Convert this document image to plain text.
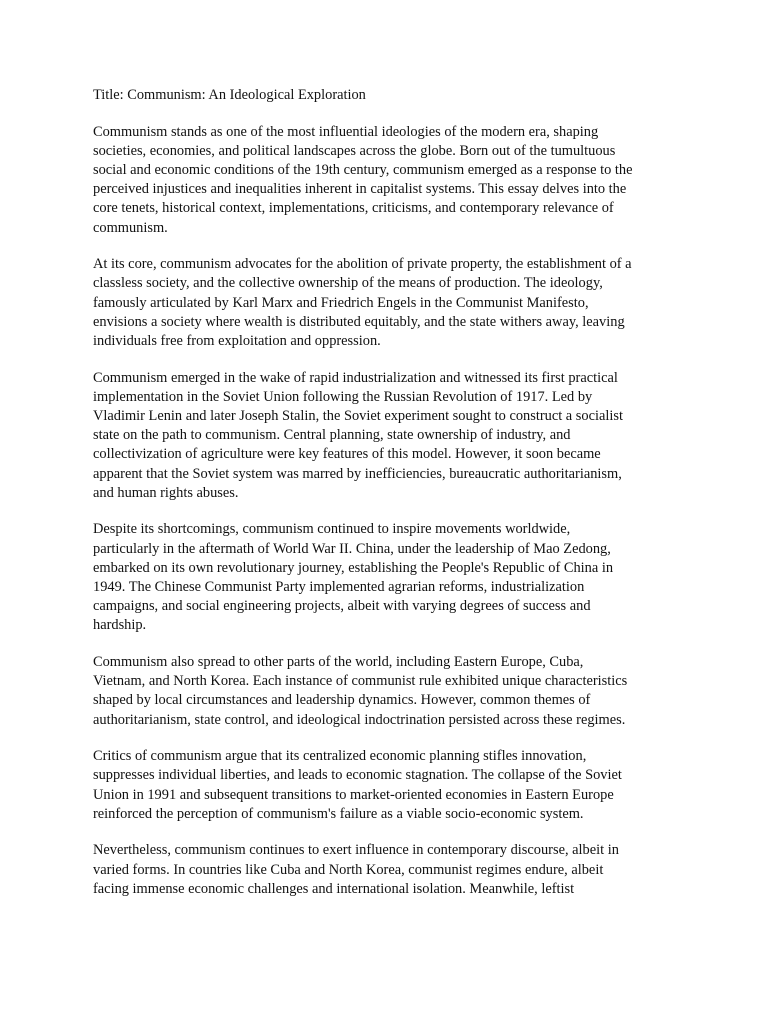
Title: Communism: An Ideological Exploration
Communism stands as one of the most influential ideologies of the modern era, shaping
societies, economies, and political landscapes across the globe. Born out of the tumultuous
social and economic conditions of the 19th century, communism emerged as a response to the
perceived injustices and inequalities inherent in capitalist systems. This essay delves into the
core tenets, historical context, implementations, criticisms, and contemporary relevance of
communism.
At its core, communism advocates for the abolition of private property, the establishment of a
classless society, and the collective ownership of the means of production. The ideology,
famously articulated by Karl Marx and Friedrich Engels in the Communist Manifesto,
envisions a society where wealth is distributed equitably, and the state withers away, leaving
individuals free from exploitation and oppression.
Communism emerged in the wake of rapid industrialization and witnessed its first practical
implementation in the Soviet Union following the Russian Revolution of 1917. Led by
Vladimir Lenin and later Joseph Stalin, the Soviet experiment sought to construct a socialist
state on the path to communism. Central planning, state ownership of industry, and
collectivization of agriculture were key features of this model. However, it soon became
apparent that the Soviet system was marred by inefficiencies, bureaucratic authoritarianism,
and human rights abuses.
Despite its shortcomings, communism continued to inspire movements worldwide,
particularly in the aftermath of World War II. China, under the leadership of Mao Zedong,
embarked on its own revolutionary journey, establishing the People's Republic of China in
1949. The Chinese Communist Party implemented agrarian reforms, industrialization
campaigns, and social engineering projects, albeit with varying degrees of success and
hardship.
Communism also spread to other parts of the world, including Eastern Europe, Cuba,
Vietnam, and North Korea. Each instance of communist rule exhibited unique characteristics
shaped by local circumstances and leadership dynamics. However, common themes of
authoritarianism, state control, and ideological indoctrination persisted across these regimes.
Critics of communism argue that its centralized economic planning stifles innovation,
suppresses individual liberties, and leads to economic stagnation. The collapse of the Soviet
Union in 1991 and subsequent transitions to market-oriented economies in Eastern Europe
reinforced the perception of communism's failure as a viable socio-economic system.
Nevertheless, communism continues to exert influence in contemporary discourse, albeit in
varied forms. In countries like Cuba and North Korea, communist regimes endure, albeit
facing immense economic challenges and international isolation. Meanwhile, leftist
